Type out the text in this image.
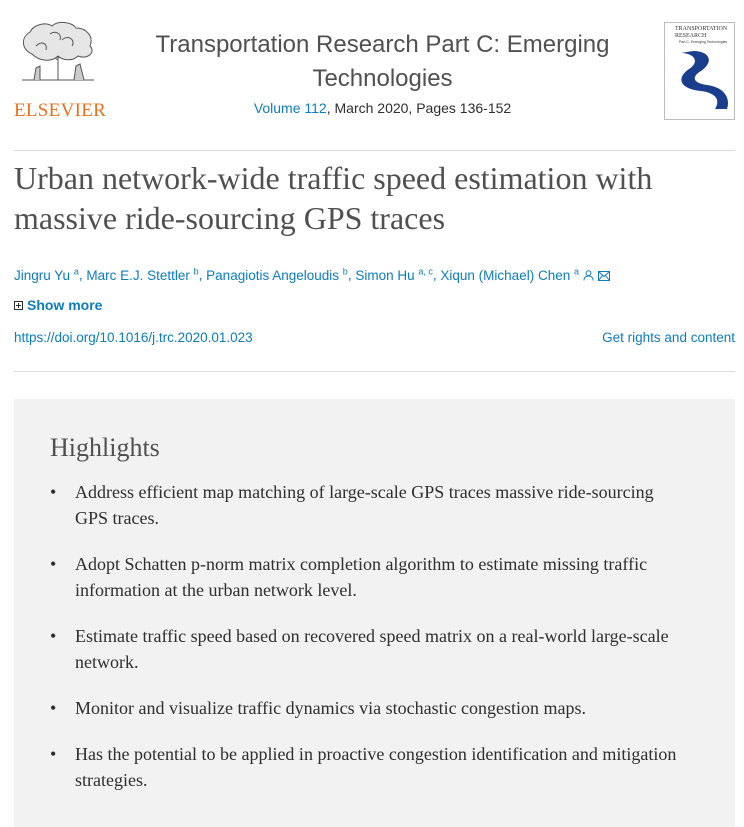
ELSEVIER
Transportation Research Part C: Emerging Technologies
Volume 112, March 2020, Pages 136-152
TRANSPORTATION
RESEARCH
Part C: Emerging Technologies
Urban network-wide traffic speed estimation with massive ride-sourcing GPS traces
Jingru Yu $^a$, Marc E.J. Stettler $^b$, Panagiotis Angeloudis $^b$, Simon Hu $^{a, c}$, Xiqun (Michael) Chen $^a$
Show more
https://doi.org/10.1016/j.trc.2020.01.023	Get rights and content
Highlights
• Address efficient map matching of large-scale GPS traces massive ride-sourcing GPS traces.
• Adopt Schatten p-norm matrix completion algorithm to estimate missing traffic information at the urban network level.
• Estimate traffic speed based on recovered speed matrix on a real-world large-scale network.
• Monitor and visualize traffic dynamics via stochastic congestion maps.
• Has the potential to be applied in proactive congestion identification and mitigation strategies.
